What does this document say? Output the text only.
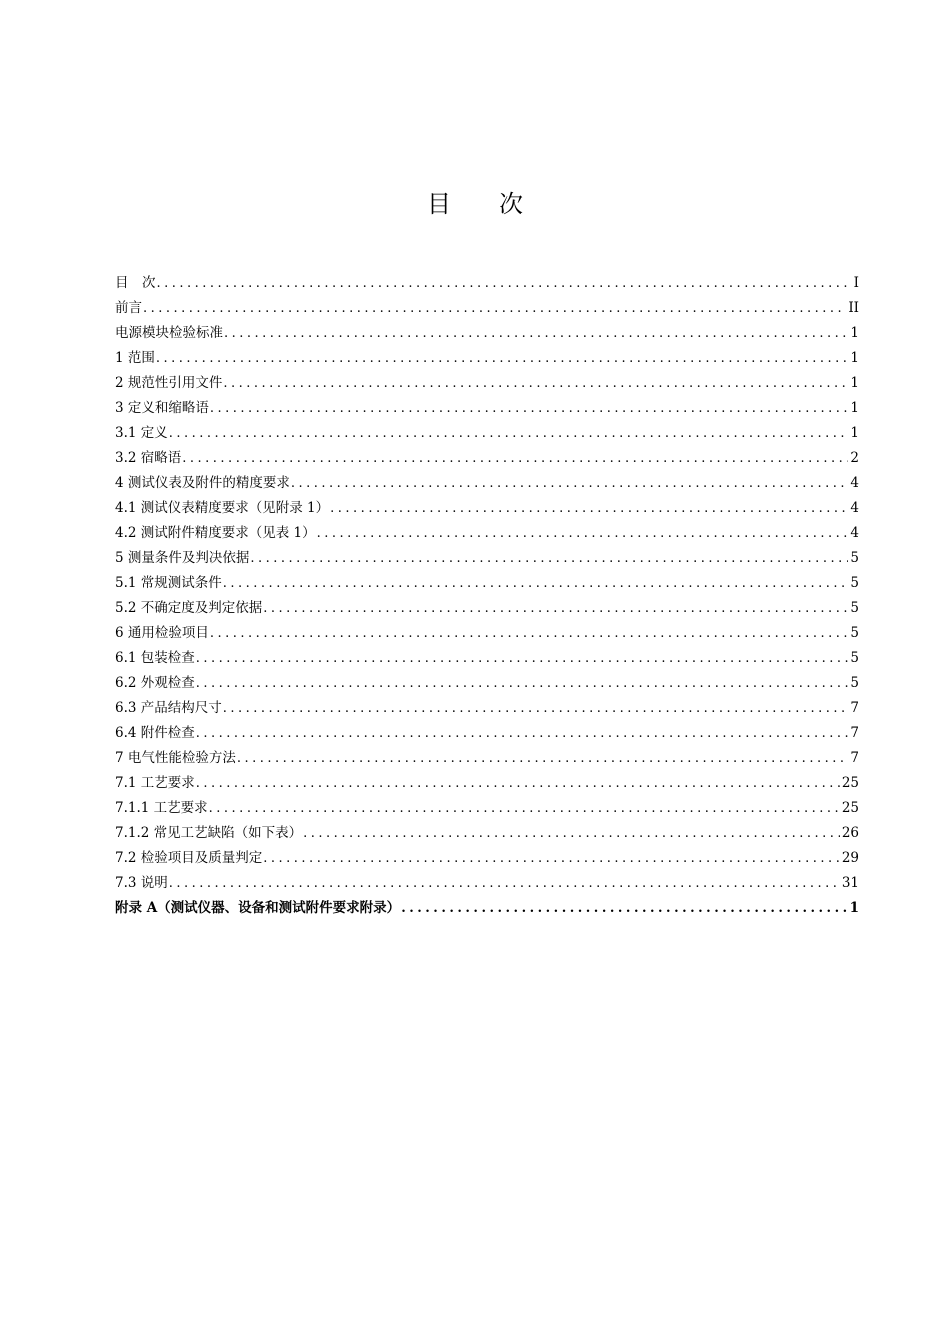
目　　次
目　次 .....	I
前言 .....	II
电源模块检验标准 .....	1
1 范围 .....	1
2 规范性引用文件 .....	1
3 定义和缩略语 .....	1
3.1 定义 .....	1
3.2 宿略语 .....	2
4 测试仪表及附件的精度要求 .....	4
4.1 测试仪表精度要求（见附录 1） .....	4
4.2 测试附件精度要求（见表 1） .....	4
5 测量条件及判决依据 .....	5
5.1 常规测试条件 .....	5
5.2 不确定度及判定依据 .....	5
6 通用检验项目 .....	5
6.1 包装检查 .....	5
6.2 外观检查 .....	5
6.3 产品结构尺寸 .....	7
6.4 附件检查 .....	7
7 电气性能检验方法 .....	7
7.1 工艺要求 .....	25
7.1.1 工艺要求 .....	25
7.1.2 常见工艺缺陷（如下表） .....	26
7.2 检验项目及质量判定 .....	29
7.3 说明 .....	31
附录 A（测试仪器、设备和测试附件要求附录） .....	1
